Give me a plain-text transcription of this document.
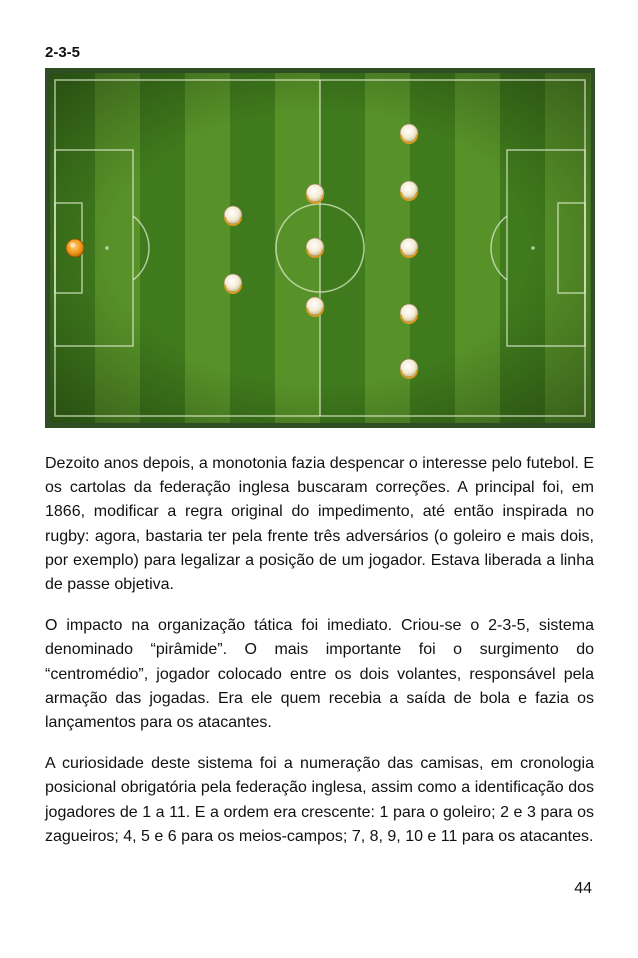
2-3-5

Dezoito anos depois, a monotonia fazia despencar o interesse pelo futebol. E os cartolas da federação inglesa buscaram correções. A principal foi, em 1866, modificar a regra original do impedimento, até então inspirada no rugby: agora, bastaria ter pela frente três adversários (o goleiro e mais dois, por exemplo) para legalizar a posição de um jogador. Estava liberada a linha de passe objetiva.

O impacto na organização tática foi imediato. Criou-se o 2-3-5, sistema denominado “pirâmide”. O mais importante foi o surgimento do “centromédio”, jogador colocado entre os dois volantes, responsável pela armação das jogadas. Era ele quem recebia a saída de bola e fazia os lançamentos para os atacantes.

A curiosidade deste sistema foi a numeração das camisas, em cronologia posicional obrigatória pela federação inglesa, assim como a identificação dos jogadores de 1 a 11. E a ordem era crescente: 1 para o goleiro; 2 e 3 para os zagueiros; 4, 5 e 6 para os meios-campos; 7, 8, 9, 10 e 11 para os atacantes.

44
